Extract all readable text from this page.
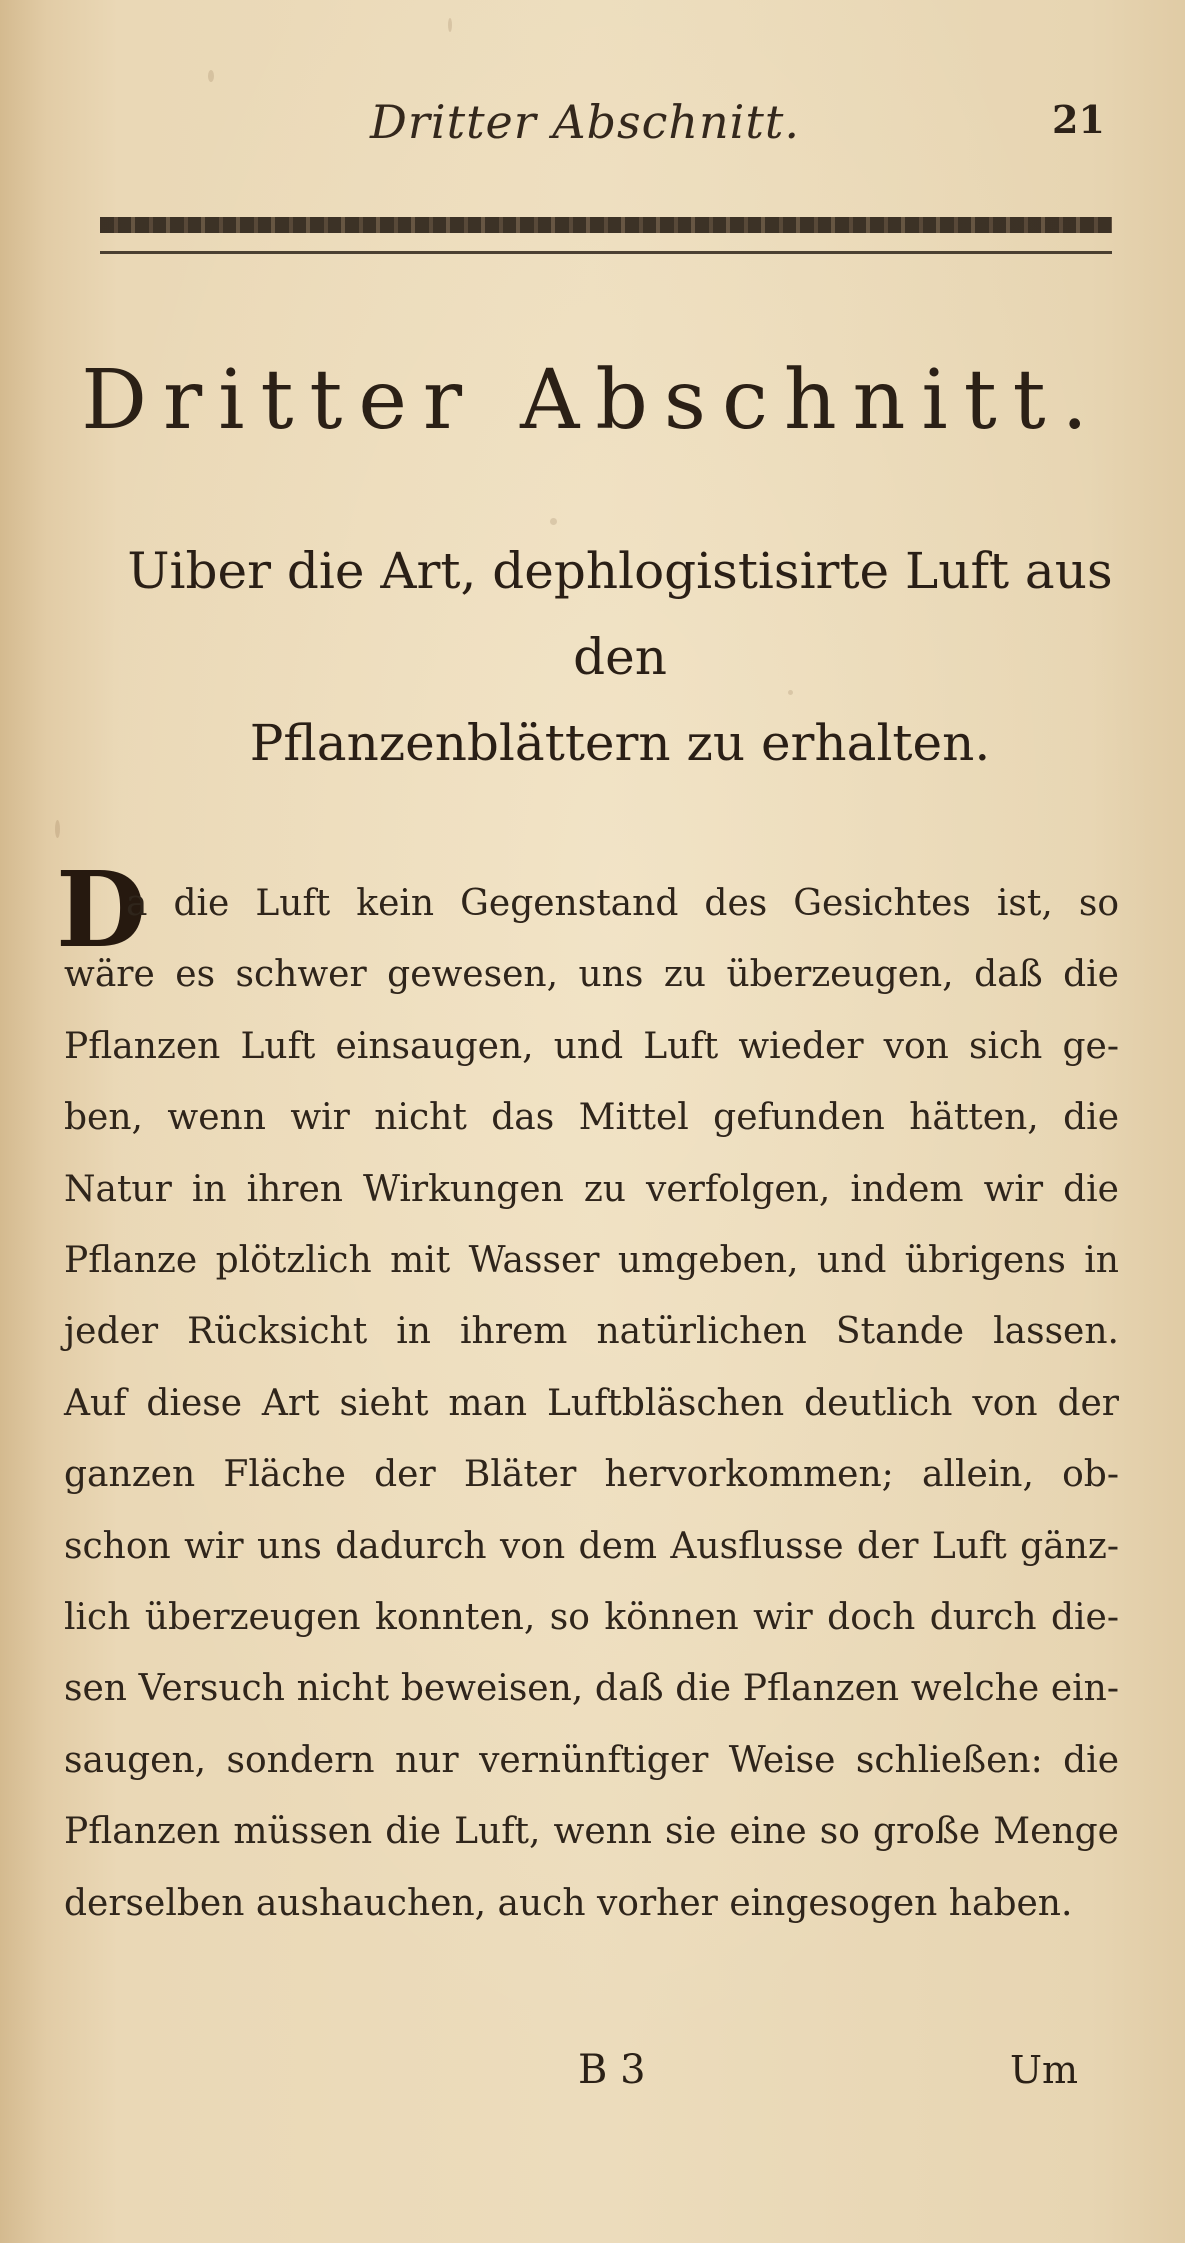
Dritter Abschnitt.	21
Dritter Abschnitt.
Uiber die Art, dephlogistisirte Luft aus den
Pflanzenblättern zu erhalten.
D
a die Luft kein Gegenstand des Gesichtes ist, so
wäre es schwer gewesen, uns zu überzeugen, daß die
Pflanzen Luft einsaugen, und Luft wieder von sich ge-
ben, wenn wir nicht das Mittel gefunden hätten, die
Natur in ihren Wirkungen zu verfolgen, indem wir die
Pflanze plötzlich mit Wasser umgeben, und übrigens in
jeder Rücksicht in ihrem natürlichen Stande lassen.
Auf diese Art sieht man Luftbläschen deutlich von der
ganzen Fläche der Bläter hervorkommen; allein, ob-
schon wir uns dadurch von dem Ausflusse der Luft gänz-
lich überzeugen konnten, so können wir doch durch die-
sen Versuch nicht beweisen, daß die Pflanzen welche ein-
saugen, sondern nur vernünftiger Weise schließen: die
Pflanzen müssen die Luft, wenn sie eine so große Menge
derselben aushauchen, auch vorher eingesogen haben.
B 3	Um
